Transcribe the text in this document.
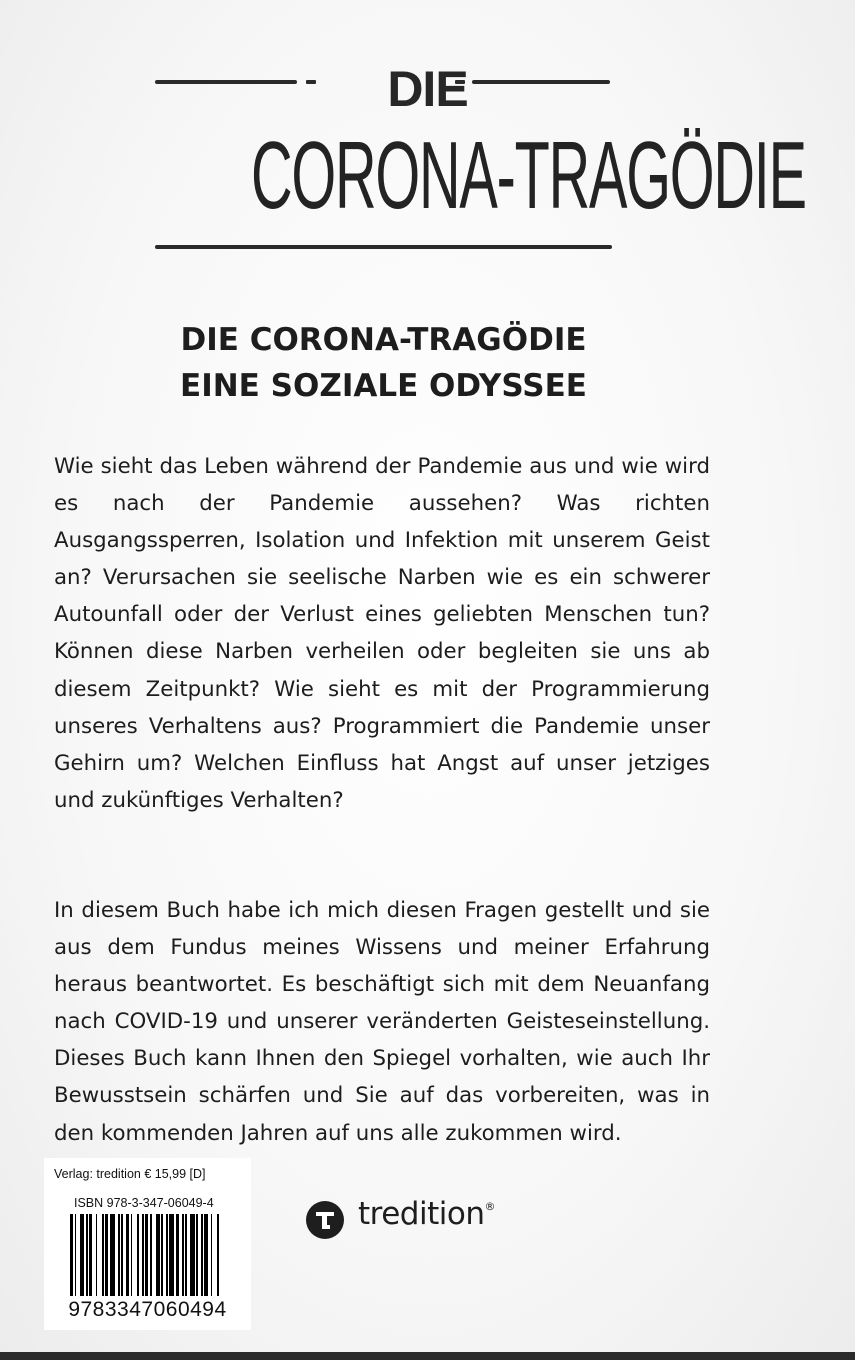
DIE
CORONA-TRAGÖDIE
DIE CORONA-TRAGÖDIE
EINE SOZIALE ODYSSEE

Wie sieht das Leben während der Pandemie aus und wie wird es nach der Pandemie aussehen? Was richten Ausgangssperren, Isolation und Infektion mit unserem Geist an? Verursachen sie seelische Narben wie es ein schwerer Autounfall oder der Verlust eines geliebten Menschen tun? Können diese Narben verheilen oder begleiten sie uns ab diesem Zeitpunkt? Wie sieht es mit der Programmierung unseres Verhaltens aus? Programmiert die Pandemie unser Gehirn um? Welchen Einfluss hat Angst auf unser jetziges und zukünftiges Verhalten?

In diesem Buch habe ich mich diesen Fragen gestellt und sie aus dem Fundus meines Wissens und meiner Erfahrung heraus beantwortet. Es beschäftigt sich mit dem Neuanfang nach COVID-19 und unserer veränderten Geisteseinstellung. Dieses Buch kann Ihnen den Spiegel vorhalten, wie auch Ihr Bewusstsein schärfen und Sie auf das vorbereiten, was in den kommenden Jahren auf uns alle zukommen wird.

Verlag: tredition € 15,99 [D]
ISBN 978-3-347-06049-4
9783347060494
tredition®
